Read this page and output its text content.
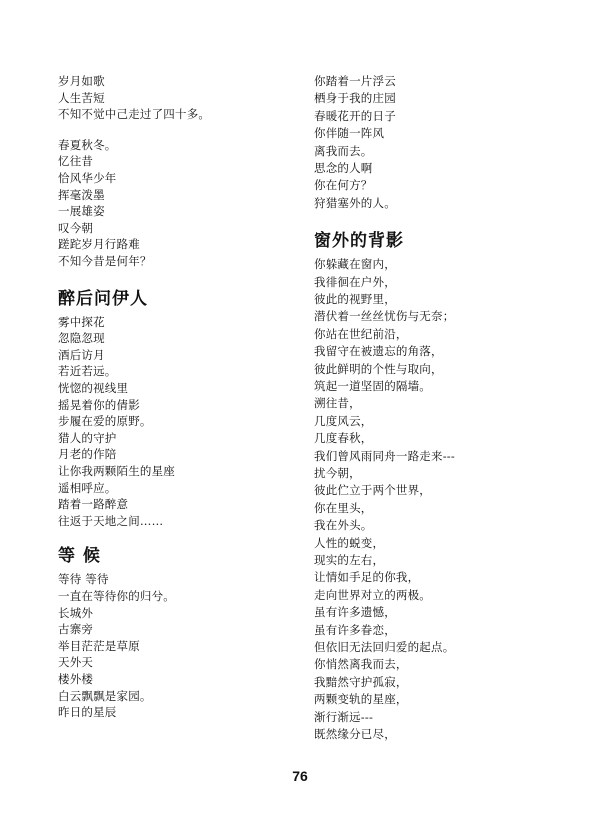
岁月如歌
人生苦短
不知不觉中己走过了四十多。
春夏秋冬。
忆往昔
恰风华少年
挥毫泼墨
一展雄姿
叹今朝
蹉跎岁月行路难
不知今昔是何年？
醉后问伊人
雾中探花
忽隐忽现
酒后访月
若近若远。
恍惚的视线里
摇晃着你的倩影
步履在爱的原野。
猎人的守护
月老的作陪
让你我两颗陌生的星座
遥相呼应。
踏着一路醉意
往返于天地之间……
等 候
等待 等待
一直在等待你的归兮。
长城外
古寨旁
举目茫茫是草原
天外天
楼外楼
白云飘飘是家园。
昨日的星辰
你踏着一片浮云
栖身于我的庄园
春暖花开的日子
你伴随一阵风
离我而去。
思念的人啊
你在何方？
狩猎塞外的人。
窗外的背影
你躲藏在窗内，
我徘徊在户外，
彼此的视野里，
潜伏着一丝丝忧伤与无奈；
你站在世纪前沿，
我留守在被遗忘的角落，
彼此鲜明的个性与取向，
筑起一道坚固的隔墙。
溯往昔，
几度风云，
几度春秋，
我们曾风雨同舟一路走来---
扰今朝，
彼此伫立于两个世界，
你在里头，
我在外头。
人性的蜕变，
现实的左右，
让情如手足的你我，
走向世界对立的两极。
虽有许多遗憾，
虽有许多眷恋，
但依旧无法回归爱的起点。
你悄然离我而去，
我黯然守护孤寂，
两颗变轨的星座，
渐行渐远---
既然缘分已尽，
76
